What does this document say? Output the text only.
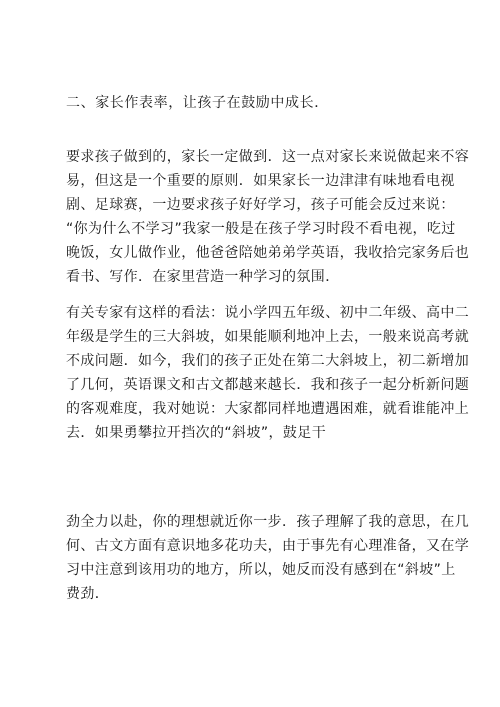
二、家长作表率，让孩子在鼓励中成长．
要求孩子做到的，家长一定做到．这一点对家长来说做起来不容
易，但这是一个重要的原则．如果家长一边津津有味地看电视
剧、足球赛，一边要求孩子好好学习，孩子可能会反过来说：
“你为什么不学习”我家一般是在孩子学习时段不看电视，吃过
晚饭，女儿做作业，他爸爸陪她弟弟学英语，我收拾完家务后也
看书、写作．在家里营造一种学习的氛围．
有关专家有这样的看法：说小学四五年级、初中二年级、高中二
年级是学生的三大斜坡，如果能顺利地冲上去，一般来说高考就
不成问题．如今，我们的孩子正处在第二大斜坡上，初二新增加
了几何，英语课文和古文都越来越长．我和孩子一起分析新问题
的客观难度，我对她说：大家都同样地遭遇困难，就看谁能冲上
去．如果勇攀拉开挡次的“斜坡”，鼓足干
劲全力以赴，你的理想就近你一步．孩子理解了我的意思，在几
何、古文方面有意识地多花功夫，由于事先有心理准备，又在学
习中注意到该用功的地方，所以，她反而没有感到在“斜坡”上
费劲．
